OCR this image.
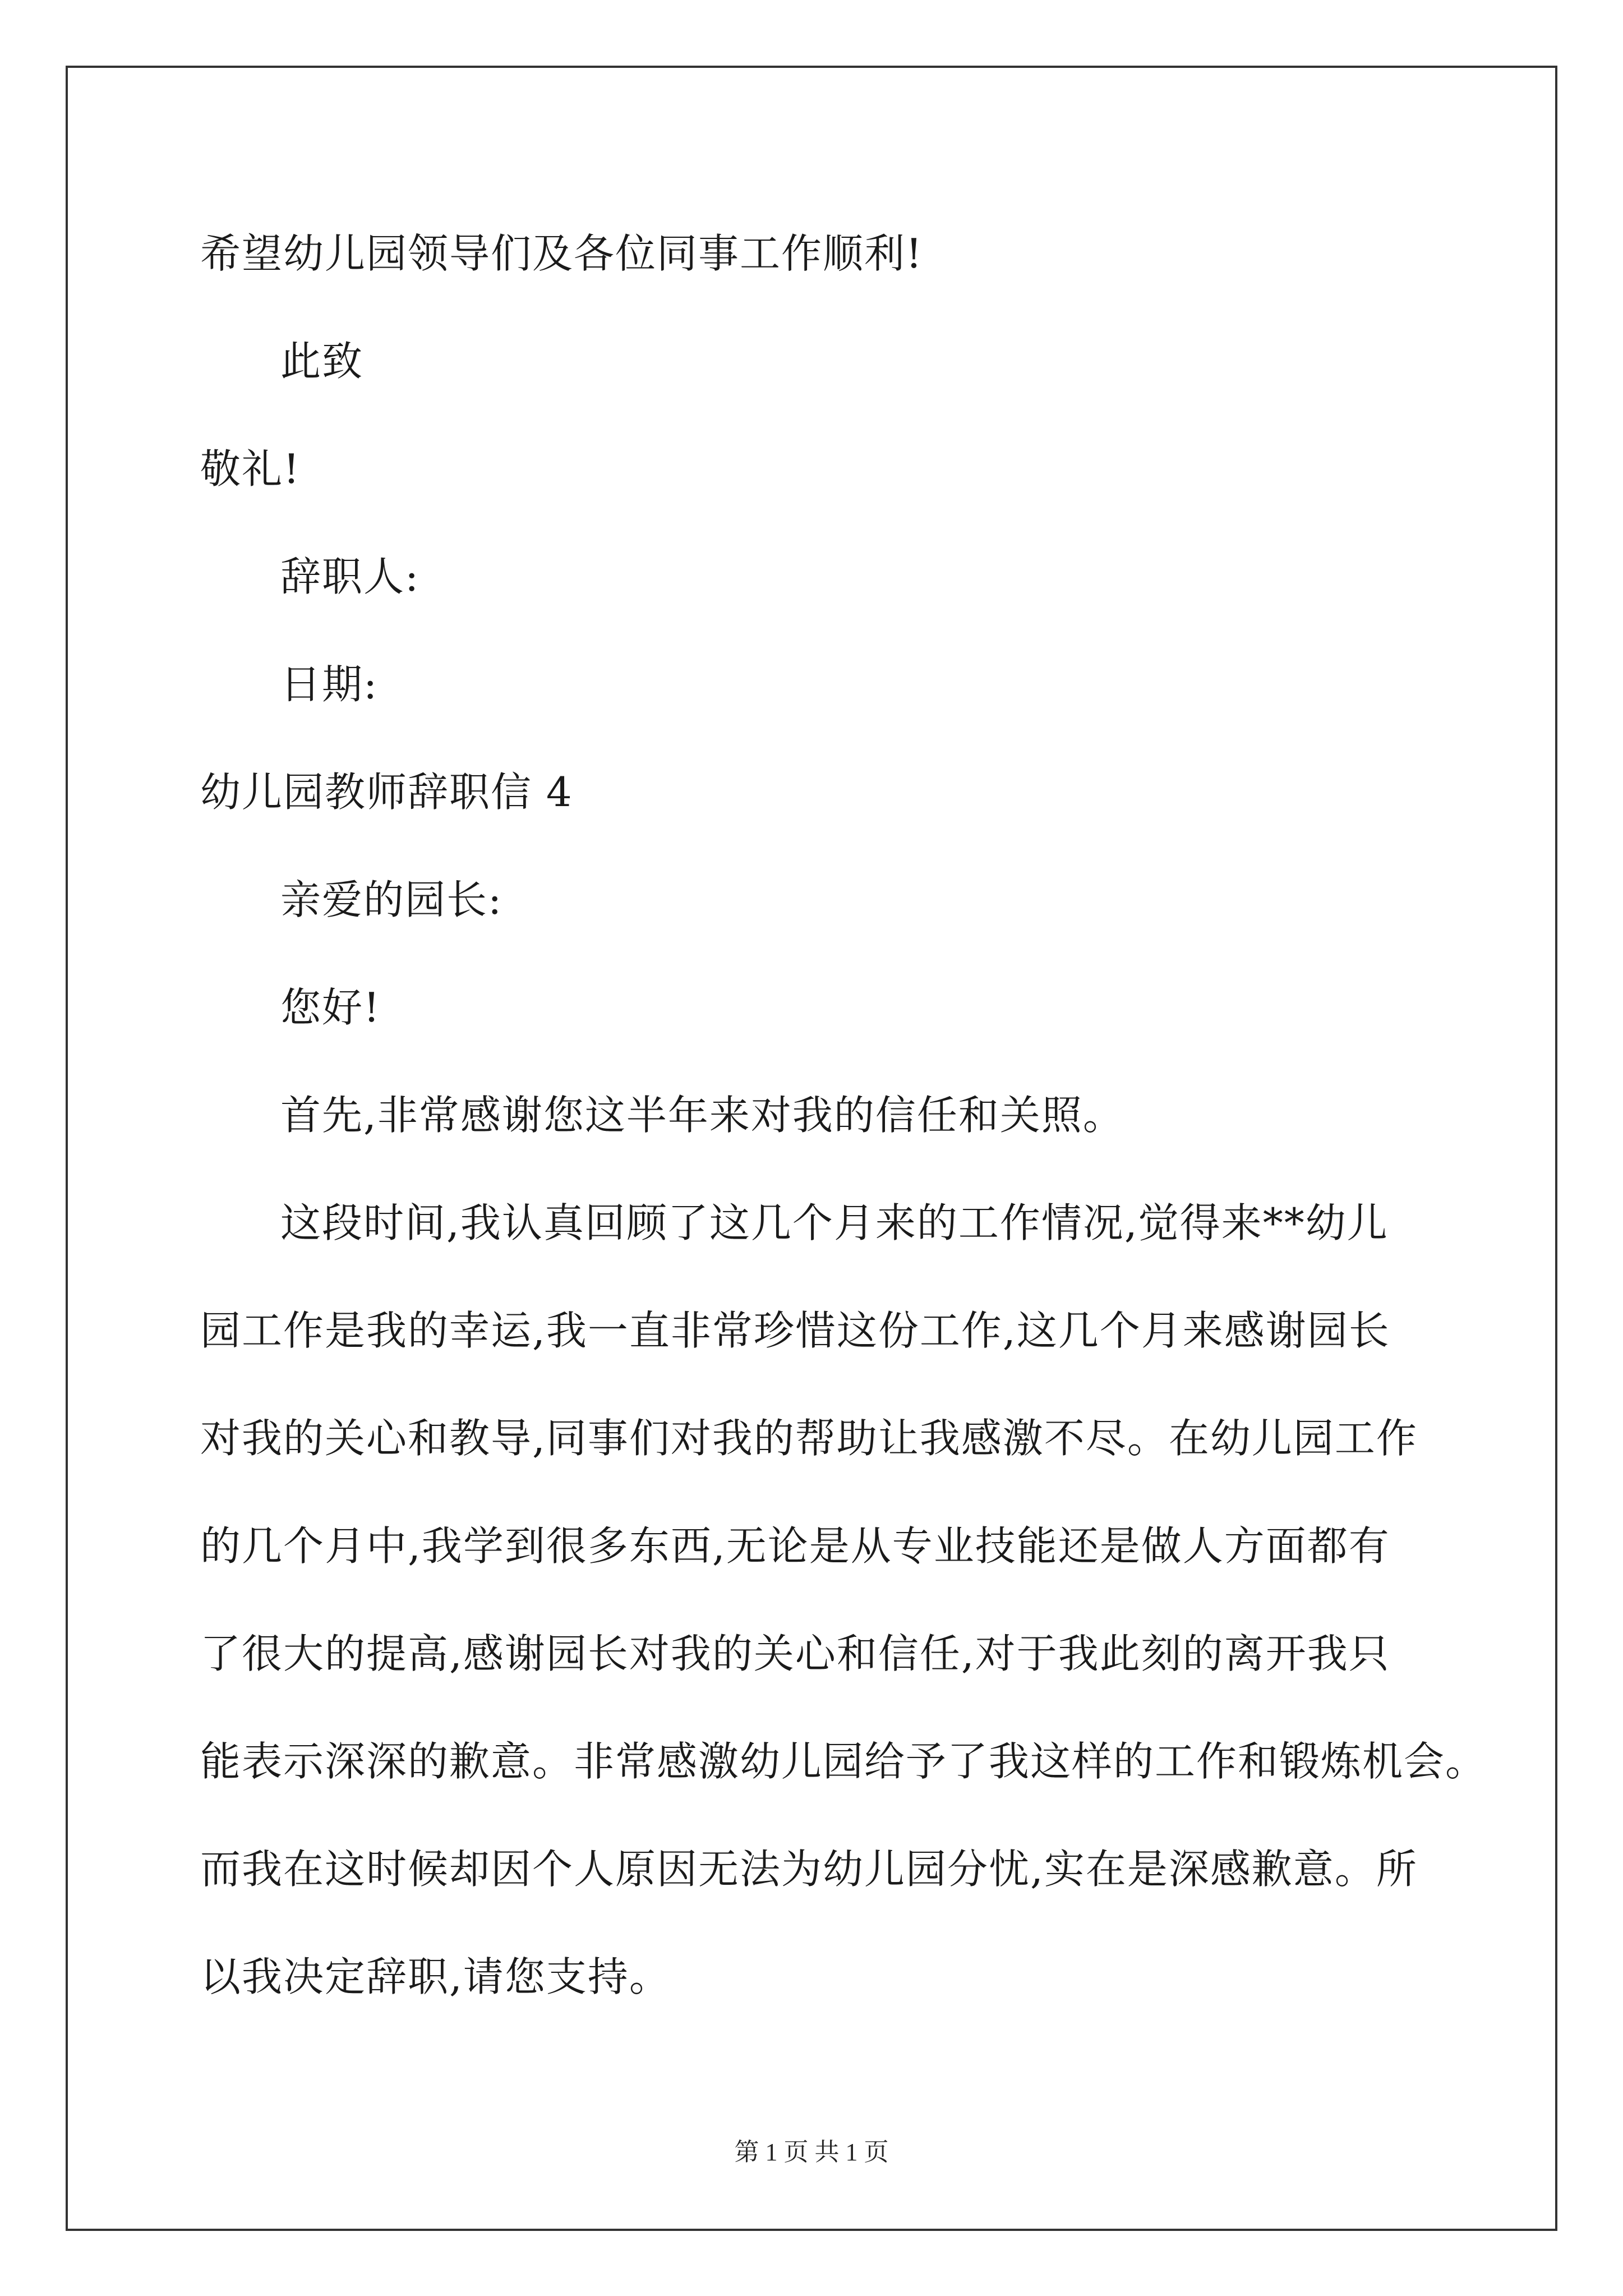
希望幼儿园领导们及各位同事工作顺利!
此致
敬礼!
辞职人:
日期:
幼儿园教师辞职信 4
亲爱的园长:
您好!
首先,非常感谢您这半年来对我的信任和关照。
这段时间,我认真回顾了这几个月来的工作情况,觉得来**幼儿
园工作是我的幸运,我一直非常珍惜这份工作,这几个月来感谢园长
对我的关心和教导,同事们对我的帮助让我感激不尽。在幼儿园工作
的几个月中,我学到很多东西,无论是从专业技能还是做人方面都有
了很大的提高,感谢园长对我的关心和信任,对于我此刻的离开我只
能表示深深的歉意。非常感激幼儿园给予了我这样的工作和锻炼机会。
而我在这时候却因个人原因无法为幼儿园分忧,实在是深感歉意。所
以我决定辞职,请您支持。
第 1 页 共 1 页
